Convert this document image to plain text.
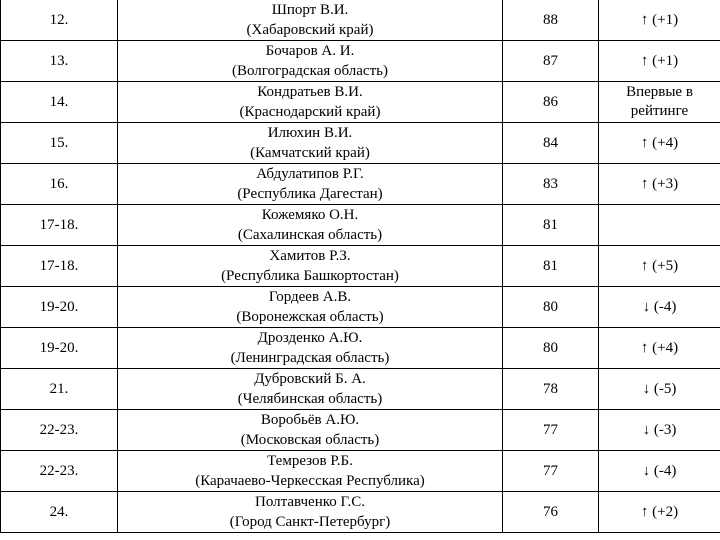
12.	Шпорт В.И.
(Хабаровский край)	88	↑ (+1)
13.	Бочаров А. И.
(Волгоградская область)	87	↑ (+1)
14.	Кондратьев В.И.
(Краснодарский край)	86	Впервые в
рейтинге

15.	Илюхин В.И.
(Камчатский край)	84	↑ (+4)
16.	Абдулатипов Р.Г.
(Республика Дагестан)	83	↑ (+3)
17-18.	Кожемяко О.Н.
(Сахалинская область)	81	
17-18.	Хамитов Р.З.
(Республика Башкортостан)	81	↑ (+5)
19-20.	Гордеев А.В.
(Воронежская область)	80	↓ (-4)
19-20.	Дрозденко А.Ю.
(Ленинградская область)	80	↑ (+4)
21.	Дубровский Б. А.
(Челябинская область)	78	↓ (-5)
22-23.	Воробьёв А.Ю.
(Московская область)	77	↓ (-3)
22-23.	Темрезов Р.Б.
(Карачаево-Черкесская Республика)	77	↓ (-4)
24.	Полтавченко Г.С.
(Город Санкт-Петербург)	76	↑ (+2)
